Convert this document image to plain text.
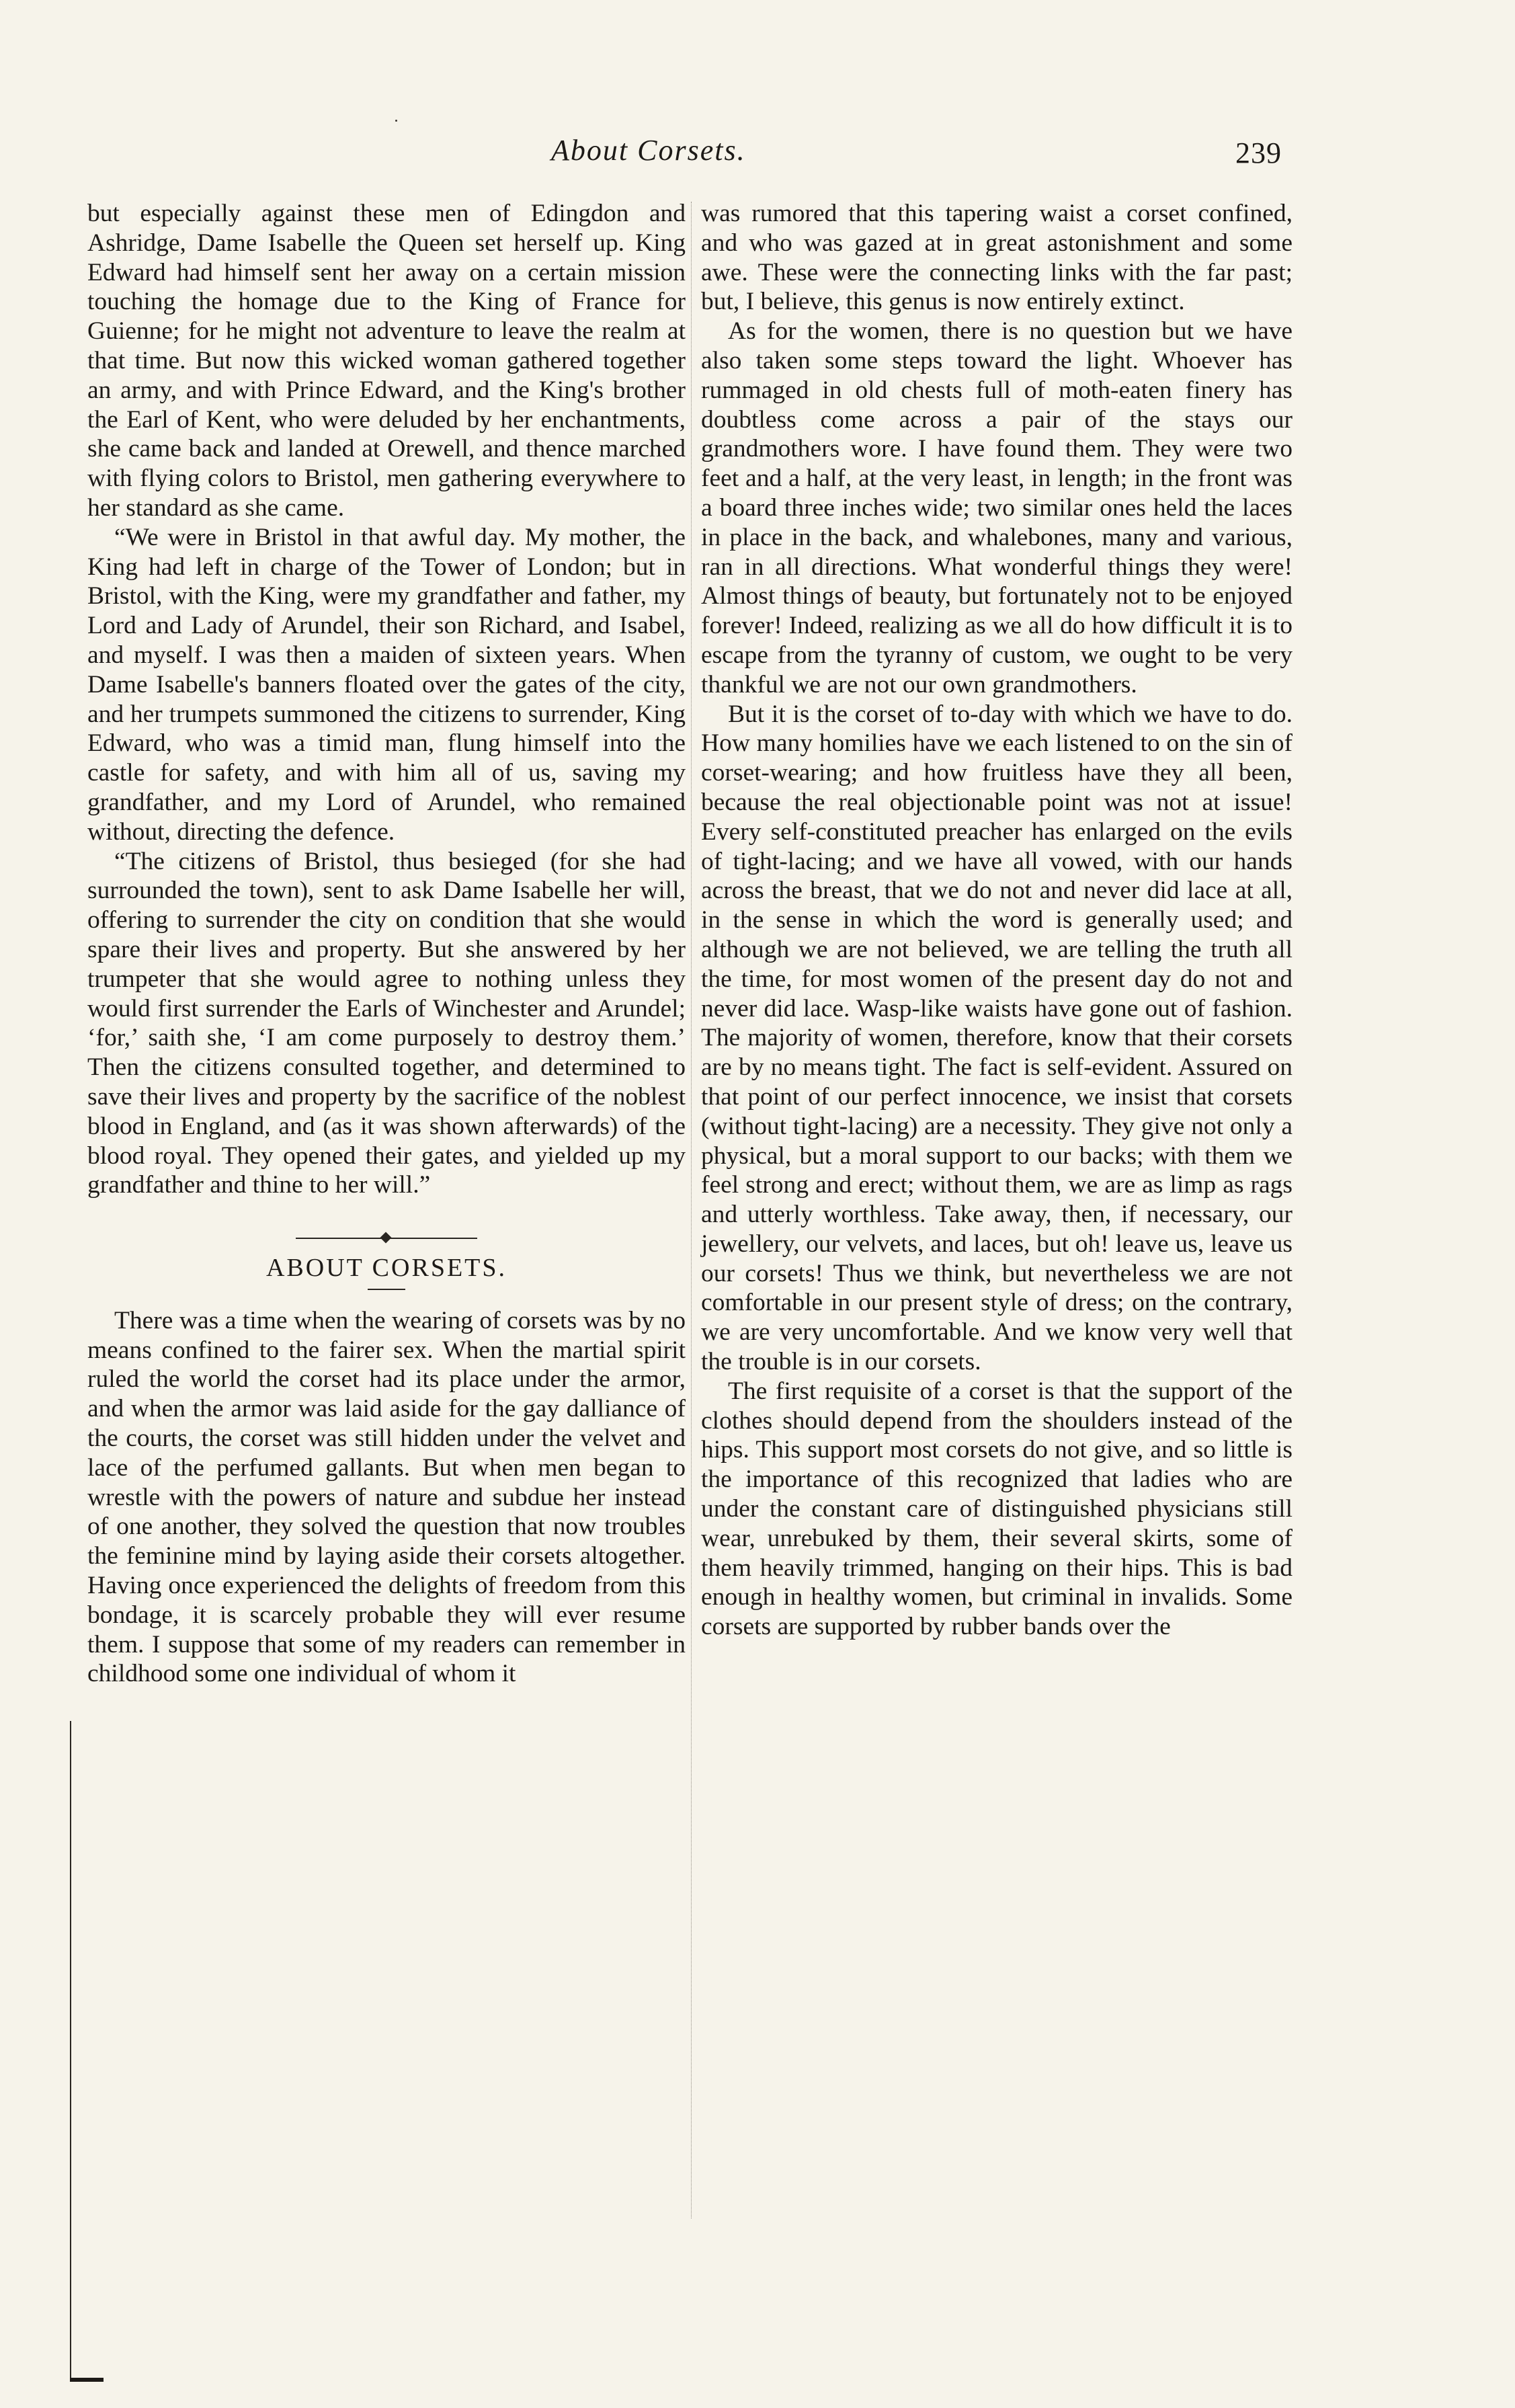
About Corsets.	239

but especially against these men of Edingdon and Ashridge, Dame Isabelle the Queen set herself up. King Edward had himself sent her away on a certain mission touching the homage due to the King of France for Guienne; for he might not adventure to leave the realm at that time. But now this wicked woman gathered together an army, and with Prince Edward, and the King's brother the Earl of Kent, who were deluded by her enchantments, she came back and landed at Orewell, and thence marched with flying colors to Bristol, men gathering everywhere to her standard as she came.

“We were in Bristol in that awful day. My mother, the King had left in charge of the Tower of London; but in Bristol, with the King, were my grandfather and father, my Lord and Lady of Arundel, their son Richard, and Isabel, and myself. I was then a maiden of sixteen years. When Dame Isabelle's banners floated over the gates of the city, and her trumpets summoned the citizens to surrender, King Edward, who was a timid man, flung himself into the castle for safety, and with him all of us, saving my grandfather, and my Lord of Arundel, who remained without, directing the defence.

“The citizens of Bristol, thus besieged (for she had surrounded the town), sent to ask Dame Isabelle her will, offering to surrender the city on condition that she would spare their lives and property. But she answered by her trumpeter that she would agree to nothing unless they would first surrender the Earls of Winchester and Arundel; ‘for,’ saith she, ‘I am come purposely to destroy them.’ Then the citizens consulted together, and determined to save their lives and property by the sacrifice of the noblest blood in England, and (as it was shown afterwards) of the blood royal. They opened their gates, and yielded up my grandfather and thine to her will.”

ABOUT CORSETS.

There was a time when the wearing of corsets was by no means confined to the fairer sex. When the martial spirit ruled the world the corset had its place under the armor, and when the armor was laid aside for the gay dalliance of the courts, the corset was still hidden under the velvet and lace of the perfumed gallants. But when men began to wrestle with the powers of nature and subdue her instead of one another, they solved the question that now troubles the feminine mind by laying aside their corsets altogether. Having once experienced the delights of freedom from this bondage, it is scarcely probable they will ever resume them. I suppose that some of my readers can remember in childhood some one individual of whom it

was rumored that this tapering waist a corset confined, and who was gazed at in great astonishment and some awe. These were the connecting links with the far past; but, I believe, this genus is now entirely extinct.

As for the women, there is no question but we have also taken some steps toward the light. Whoever has rummaged in old chests full of moth-eaten finery has doubtless come across a pair of the stays our grandmothers wore. I have found them. They were two feet and a half, at the very least, in length; in the front was a board three inches wide; two similar ones held the laces in place in the back, and whalebones, many and various, ran in all directions. What wonderful things they were! Almost things of beauty, but fortunately not to be enjoyed forever! Indeed, realizing as we all do how difficult it is to escape from the tyranny of custom, we ought to be very thankful we are not our own grandmothers.

But it is the corset of to-day with which we have to do. How many homilies have we each listened to on the sin of corset-wearing; and how fruitless have they all been, because the real objectionable point was not at issue! Every self-constituted preacher has enlarged on the evils of tight-lacing; and we have all vowed, with our hands across the breast, that we do not and never did lace at all, in the sense in which the word is generally used; and although we are not believed, we are telling the truth all the time, for most women of the present day do not and never did lace. Wasp-like waists have gone out of fashion. The majority of women, therefore, know that their corsets are by no means tight. The fact is self-evident. Assured on that point of our perfect innocence, we insist that corsets (without tight-lacing) are a necessity. They give not only a physical, but a moral support to our backs; with them we feel strong and erect; without them, we are as limp as rags and utterly worthless. Take away, then, if necessary, our jewellery, our velvets, and laces, but oh! leave us, leave us our corsets! Thus we think, but nevertheless we are not comfortable in our present style of dress; on the contrary, we are very uncomfortable. And we know very well that the trouble is in our corsets.

The first requisite of a corset is that the support of the clothes should depend from the shoulders instead of the hips. This support most corsets do not give, and so little is the importance of this recognized that ladies who are under the constant care of distinguished physicians still wear, unrebuked by them, their several skirts, some of them heavily trimmed, hanging on their hips. This is bad enough in healthy women, but criminal in invalids. Some corsets are supported by rubber bands over the
